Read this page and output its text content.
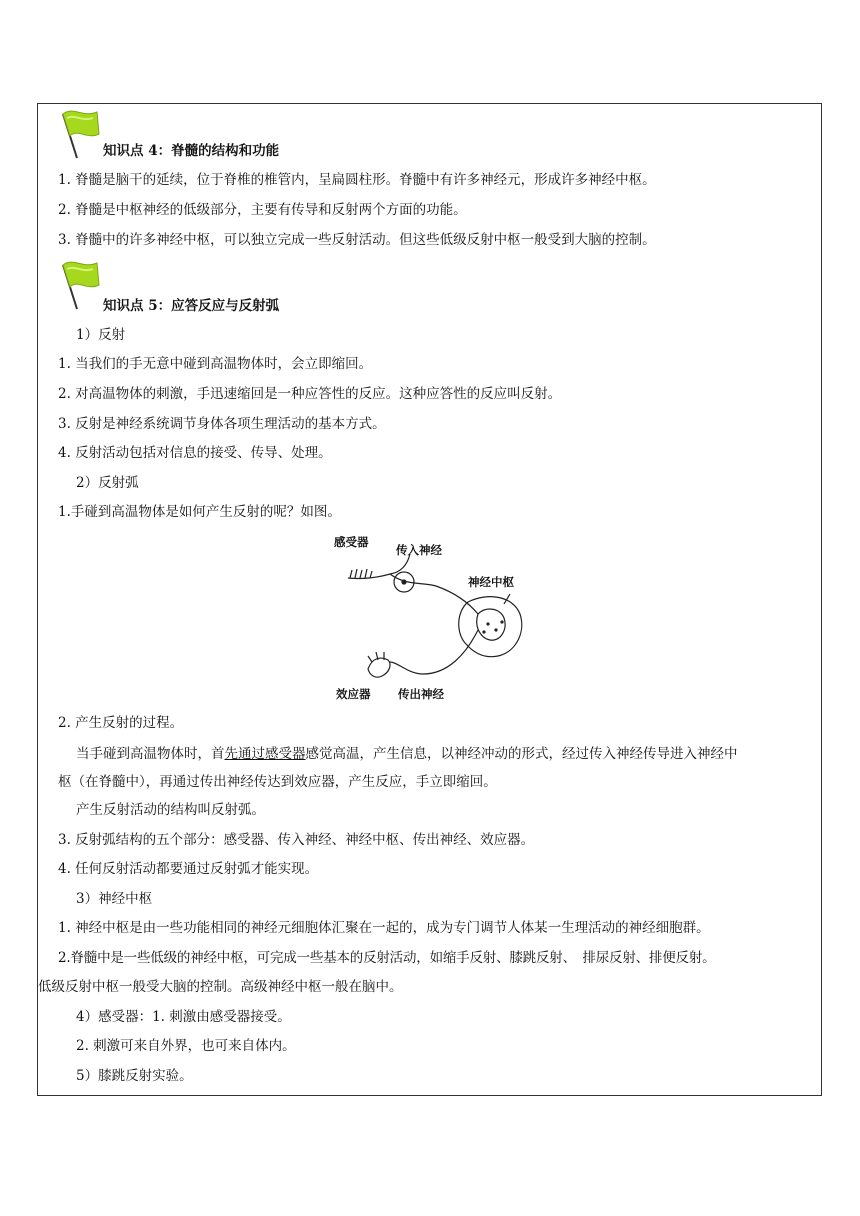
知识点 4：脊髓的结构和功能
1. 脊髓是脑干的延续，位于脊椎的椎管内，呈扁圆柱形。脊髓中有许多神经元，形成许多神经中枢。
2. 脊髓是中枢神经的低级部分，主要有传导和反射两个方面的功能。
3. 脊髓中的许多神经中枢，可以独立完成一些反射活动。但这些低级反射中枢一般受到大脑的控制。
知识点 5：应答反应与反射弧
1）反射
1. 当我们的手无意中碰到高温物体时，会立即缩回。
2. 对高温物体的刺激，手迅速缩回是一种应答性的反应。这种应答性的反应叫反射。
3. 反射是神经系统调节身体各项生理活动的基本方式。
4. 反射活动包括对信息的接受、传导、处理。
2）反射弧
1.手碰到高温物体是如何产生反射的呢？如图。
感受器
传入神经
神经中枢
效应器 传出神经
2. 产生反射的过程。
当手碰到高温物体时，首先通过感受器感觉高温，产生信息，以神经冲动的形式，经过传入神经传导进入神经中
枢（在脊髓中），再通过传出神经传达到效应器，产生反应，手立即缩回。
产生反射活动的结构叫反射弧。
3. 反射弧结构的五个部分：感受器、传入神经、神经中枢、传出神经、效应器。
4. 任何反射活动都要通过反射弧才能实现。
3）神经中枢
1. 神经中枢是由一些功能相同的神经元细胞体汇聚在一起的，成为专门调节人体某一生理活动的神经细胞群。
2.脊髓中是一些低级的神经中枢，可完成一些基本的反射活动，如缩手反射、膝跳反射、　排尿反射、排便反射。
低级反射中枢一般受大脑的控制。高级神经中枢一般在脑中。
4）感受器：1. 刺激由感受器接受。
2. 刺激可来自外界，也可来自体内。
5）膝跳反射实验。
